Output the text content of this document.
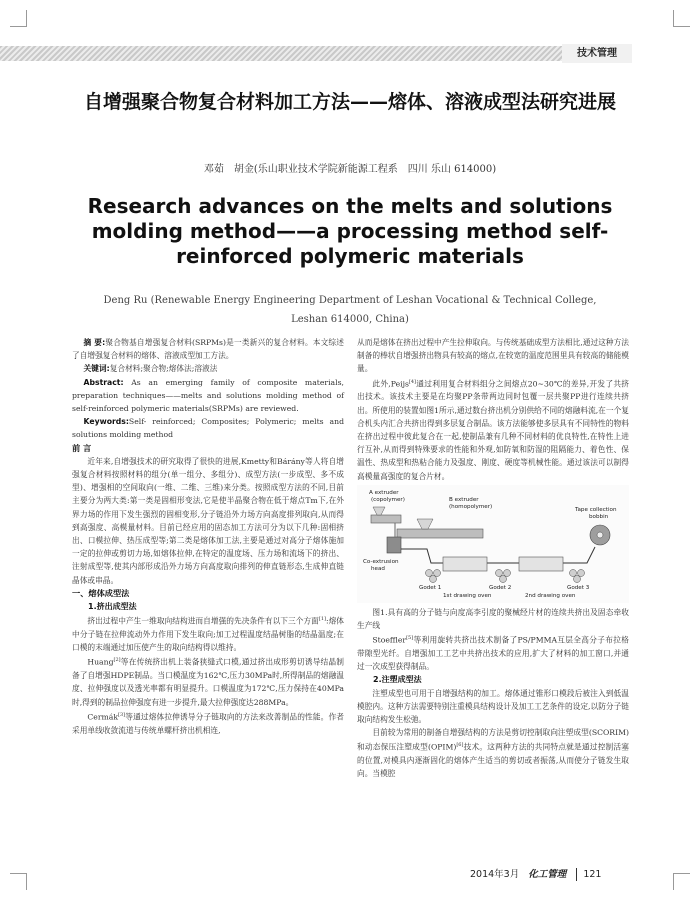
技术管理
自增强聚合物复合材料加工方法——熔体、溶液成型法研究进展
邓茹　胡金(乐山职业技术学院新能源工程系　四川 乐山 614000)
Research advances on the melts and solutions molding method——a processing method self-reinforced polymeric materials
Deng Ru (Renewable Energy Engineering Department of Leshan Vocational & Technical College,
Leshan 614000, China)

摘 要:聚合物基自增强复合材料(SRPMs)是一类新兴的复合材料。本文综述了自增强复合材料的熔体、溶液成型加工方法。

关键词:复合材料;聚合物;熔体法;溶液法

Abstract: As an emerging family of composite materials, preparation techniques——melts and solutions molding method of self-reinforced polymeric materials(SRPMs) are reviewed.

Keywords:Self- reinforced; Composites; Polymeric; melts and solutions molding method

前 言

近年来,自增强技术的研究取得了很快的进展,Kmetty和Bárány等人将自增强复合材料按照材料的组分(单一组分、多组分)、成型方法(一步成型、多不成型)、增强相的空间取向(一维、二维、三维)来分类。按照成型方法的不同,目前主要分为两大类:第一类是固相形变法,它是使半晶聚合物在低于熔点Tm下,在外界力场的作用下发生强烈的固相变形,分子链沿外力场方向高度排列取向,从而得到高强度、高模量材料。目前已经应用的固态加工方法可分为以下几种:固相挤出、口模拉伸、热压成型等;第二类是熔体加工法,主要是通过对高分子熔体施加一定的拉伸或剪切力场,如熔体拉伸,在特定的温度场、压力场和流场下的挤出、注射成型等,使其内部形成沿外力场方向高度取向排列的伸直链形态,生成伸直链晶体或串晶。

一、熔体成型法

1.挤出成型法

挤出过程中产生一维取向结构进而自增强的先决条件有以下三个方面[1]:熔体中分子链在拉伸流动外力作用下发生取向;加工过程温度结晶树脂的结晶温度;在口模的末端通过加压使产生的取向结构得以维持。

Huang[2]等在传统挤出机上装备狭缝式口模,通过挤出成形剪切诱导结晶制备了自增强HDPE制品。当口模温度为162℃,压力30MPa时,所得制品的熔融温度、拉伸强度以及透光率都有明显提升。口模温度为172℃,压力保持在40MPa时,得到的制品拉伸强度有进一步提升,最大拉伸强度达288MPa。

Cermák[3]等通过熔体拉伸诱导分子链取向的方法来改善制品的性能。作者采用单线收敛流道与传统单螺杆挤出机相连,

从而是熔体在挤出过程中产生拉伸取向。与传统基础成型方法相比,通过这种方法制备的棒状自增强挤出物具有较高的熔点,在较宽的温度范围里具有较高的储能模量。

此外,Peijs[4]通过利用复合材料组分之间熔点20~30℃的差异,开发了共挤出技术。该技术主要是在均聚PP条带两边同时包覆一层共聚PP进行连续共挤出。所使用的装置如图1所示,通过数台挤出机分别供给不同的熔融料流,在一个复合机头内汇合共挤出得到多层复合制品。该方法能够使多层具有不同特性的物料在挤出过程中彼此复合在一起,使制品兼有几种不同材料的优良特性,在特性上进行互补,从而得到特殊要求的性能和外观,如防氧和防湿的阻隔能力、着色性、保温性、热成型和热粘合能力及强度、刚度、硬度等机械性能。通过该法可以制得高模量高强度的复合片材。

A extruder
(copolymer)	B extruder
(homopolymer)	Tape collection
bobbin
Co-extrusion
head
1st drawing oven	2nd drawing oven
Godet 1	Godet 2	Godet 3

图1.具有高的分子链与向度高李引度的聚械经片材的连续共挤出及固态牵收生产线

Stoeffler[5]等利用旋转共挤出技术制备了PS/PMMA互层全高分子布拉格带隙型光纤。自增强加工工艺中共挤出技术的应用,扩大了材料的加工窗口,并通过一次成型获得制品。

2.注塑成型法

注塑成型也可用于自增强结构的加工。熔体通过锥形口模段后被注入到低温模腔内。这种方法需要特别注重模具结构设计及加工工艺条件的设定,以防分子链取向结构发生松弛。

目前较为常用的制备自增强结构的方法是剪切控制取向注塑成型(SCORIM)和动态保压注塑成型(OPIM)[6]技术。这两种方法的共同特点就是通过控制活塞的位置,对模具内逐渐固化的熔体产生适当的剪切或者振荡,从而使分子链发生取向。当模腔

2014年3月 化工管理 121
